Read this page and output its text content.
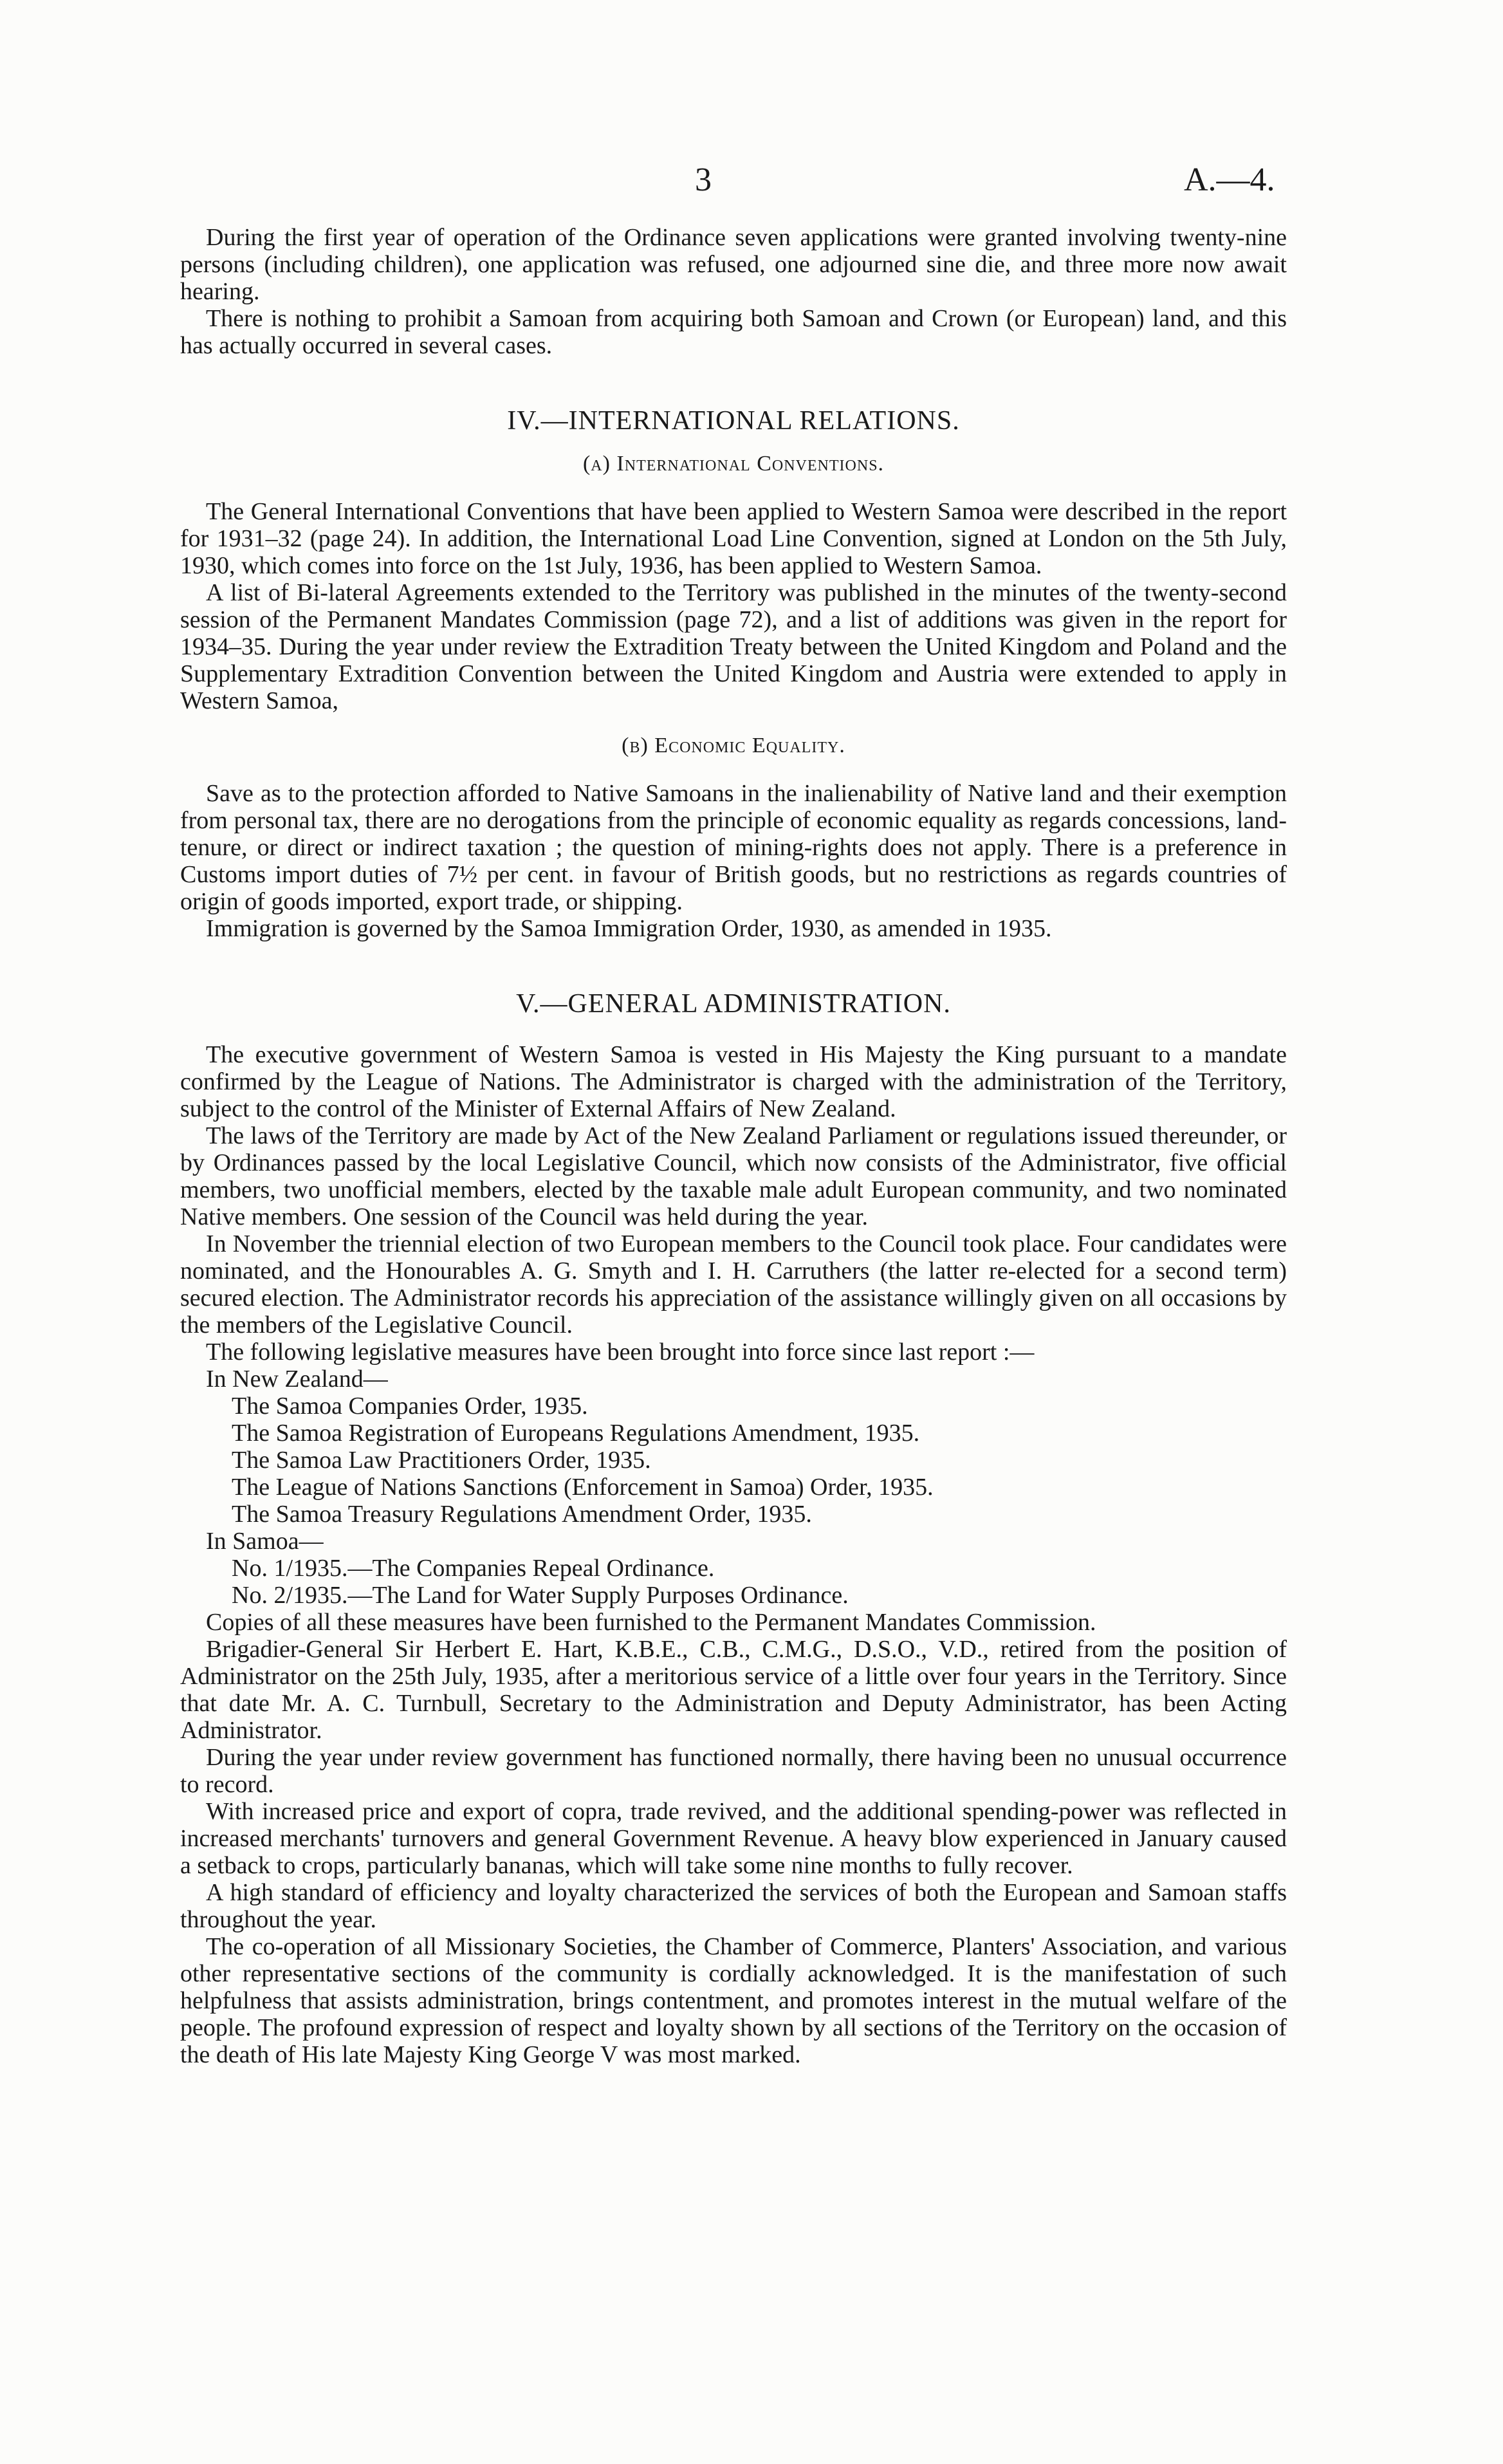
3	A.—4.

During the first year of operation of the Ordinance seven applications were granted involving twenty-nine persons (including children), one application was refused, one adjourned sine die, and three more now await hearing.

There is nothing to prohibit a Samoan from acquiring both Samoan and Crown (or European) land, and this has actually occurred in several cases.

IV.—INTERNATIONAL RELATIONS.
(a) International Conventions.

The General International Conventions that have been applied to Western Samoa were described in the report for 1931–32 (page 24). In addition, the International Load Line Convention, signed at London on the 5th July, 1930, which comes into force on the 1st July, 1936, has been applied to Western Samoa.

A list of Bi-lateral Agreements extended to the Territory was published in the minutes of the twenty-second session of the Permanent Mandates Commission (page 72), and a list of additions was given in the report for 1934–35. During the year under review the Extradition Treaty between the United Kingdom and Poland and the Supplementary Extradition Convention between the United Kingdom and Austria were extended to apply in Western Samoa,

(b) Economic Equality.

Save as to the protection afforded to Native Samoans in the inalienability of Native land and their exemption from personal tax, there are no derogations from the principle of economic equality as regards concessions, land-tenure, or direct or indirect taxation ; the question of mining-rights does not apply. There is a preference in Customs import duties of 7½ per cent. in favour of British goods, but no restrictions as regards countries of origin of goods imported, export trade, or shipping.

Immigration is governed by the Samoa Immigration Order, 1930, as amended in 1935.

V.—GENERAL ADMINISTRATION.

The executive government of Western Samoa is vested in His Majesty the King pursuant to a mandate confirmed by the League of Nations. The Administrator is charged with the administration of the Territory, subject to the control of the Minister of External Affairs of New Zealand.

The laws of the Territory are made by Act of the New Zealand Parliament or regulations issued thereunder, or by Ordinances passed by the local Legislative Council, which now consists of the Administrator, five official members, two unofficial members, elected by the taxable male adult European community, and two nominated Native members. One session of the Council was held during the year.

In November the triennial election of two European members to the Council took place. Four candidates were nominated, and the Honourables A. G. Smyth and I. H. Carruthers (the latter re-elected for a second term) secured election. The Administrator records his appreciation of the assistance willingly given on all occasions by the members of the Legislative Council.

The following legislative measures have been brought into force since last report :—

In New Zealand—

The Samoa Companies Order, 1935.

The Samoa Registration of Europeans Regulations Amendment, 1935.

The Samoa Law Practitioners Order, 1935.

The League of Nations Sanctions (Enforcement in Samoa) Order, 1935.

The Samoa Treasury Regulations Amendment Order, 1935.

In Samoa—

No. 1/1935.—The Companies Repeal Ordinance.

No. 2/1935.—The Land for Water Supply Purposes Ordinance.

Copies of all these measures have been furnished to the Permanent Mandates Commission.

Brigadier-General Sir Herbert E. Hart, K.B.E., C.B., C.M.G., D.S.O., V.D., retired from the position of Administrator on the 25th July, 1935, after a meritorious service of a little over four years in the Territory. Since that date Mr. A. C. Turnbull, Secretary to the Administration and Deputy Administrator, has been Acting Administrator.

During the year under review government has functioned normally, there having been no unusual occurrence to record.

With increased price and export of copra, trade revived, and the additional spending-power was reflected in increased merchants' turnovers and general Government Revenue. A heavy blow experienced in January caused a setback to crops, particularly bananas, which will take some nine months to fully recover.

A high standard of efficiency and loyalty characterized the services of both the European and Samoan staffs throughout the year.

The co-operation of all Missionary Societies, the Chamber of Commerce, Planters' Association, and various other representative sections of the community is cordially acknowledged. It is the manifestation of such helpfulness that assists administration, brings contentment, and promotes interest in the mutual welfare of the people. The profound expression of respect and loyalty shown by all sections of the Territory on the occasion of the death of His late Majesty King George V was most marked.
